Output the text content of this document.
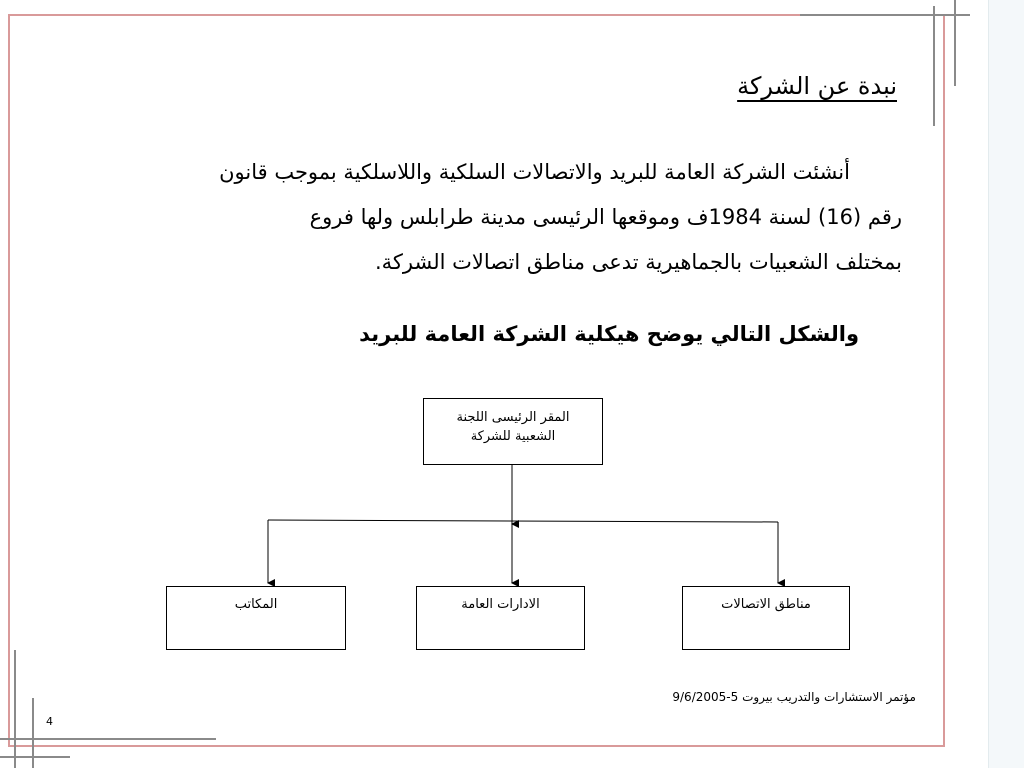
نبدة عن الشركة

أنشئت الشركة العامة للبريد والاتصالات السلكية واللاسلكية بموجب قانون

رقم (16) لسنة 1984ف وموقعها الرئيسى مدينة طرابلس ولها فروع

بمختلف الشعبيات بالجماهيرية تدعى مناطق اتصالات الشركة.

والشكل التالي يوضح هيكلية الشركة العامة للبريد
المقر الرئيسى اللجنة
الشعبية للشركة
المكاتب	الادارات العامة	مناطق الاتصالات
مؤتمر الاستشارات والتدريب بيروت 5-9/6/2005
4
